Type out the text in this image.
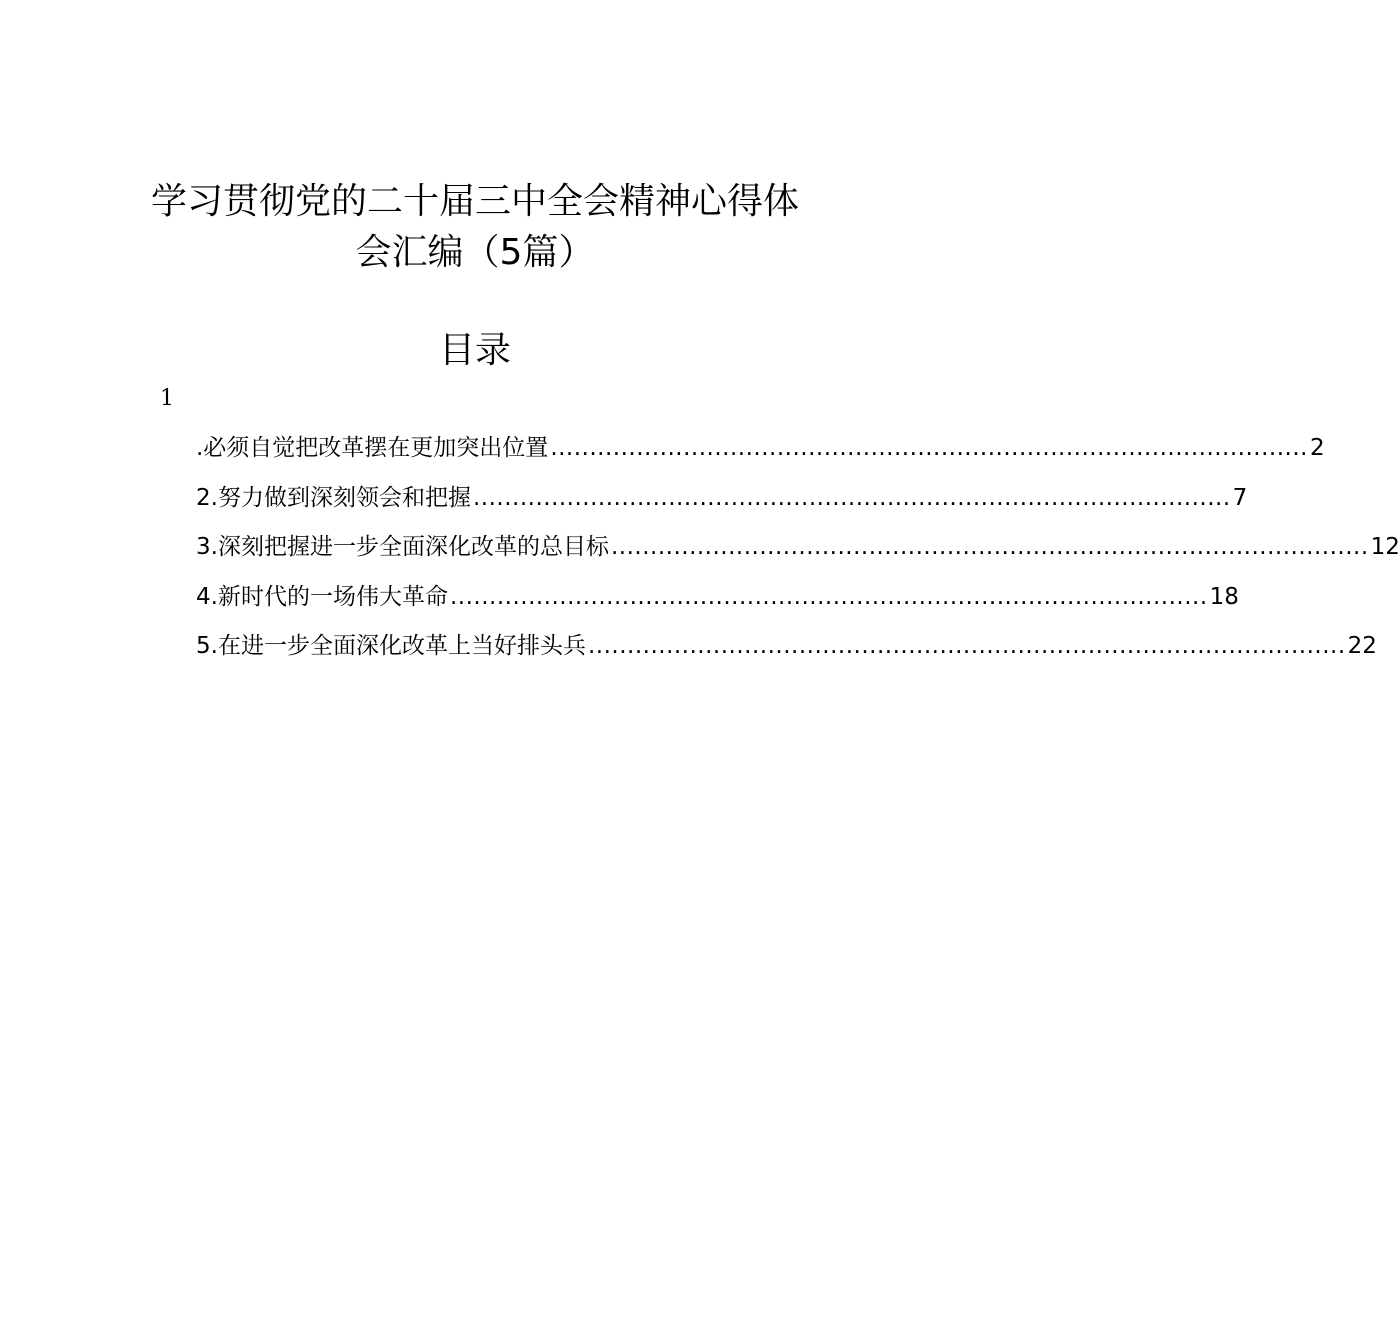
学习贯彻党的二十届三中全会精神心得体
会汇编（5篇）
目录
1
.必须自觉把改革摆在更加突出位置 ................................................................................................. 2
2.努力做到深刻领会和把握 ................................................................................................. 7
3.深刻把握进一步全面深化改革的总目标 ................................................................................................. 12
4.新时代的一场伟大革命 ................................................................................................. 18
5.在进一步全面深化改革上当好排头兵 ................................................................................................. 22
